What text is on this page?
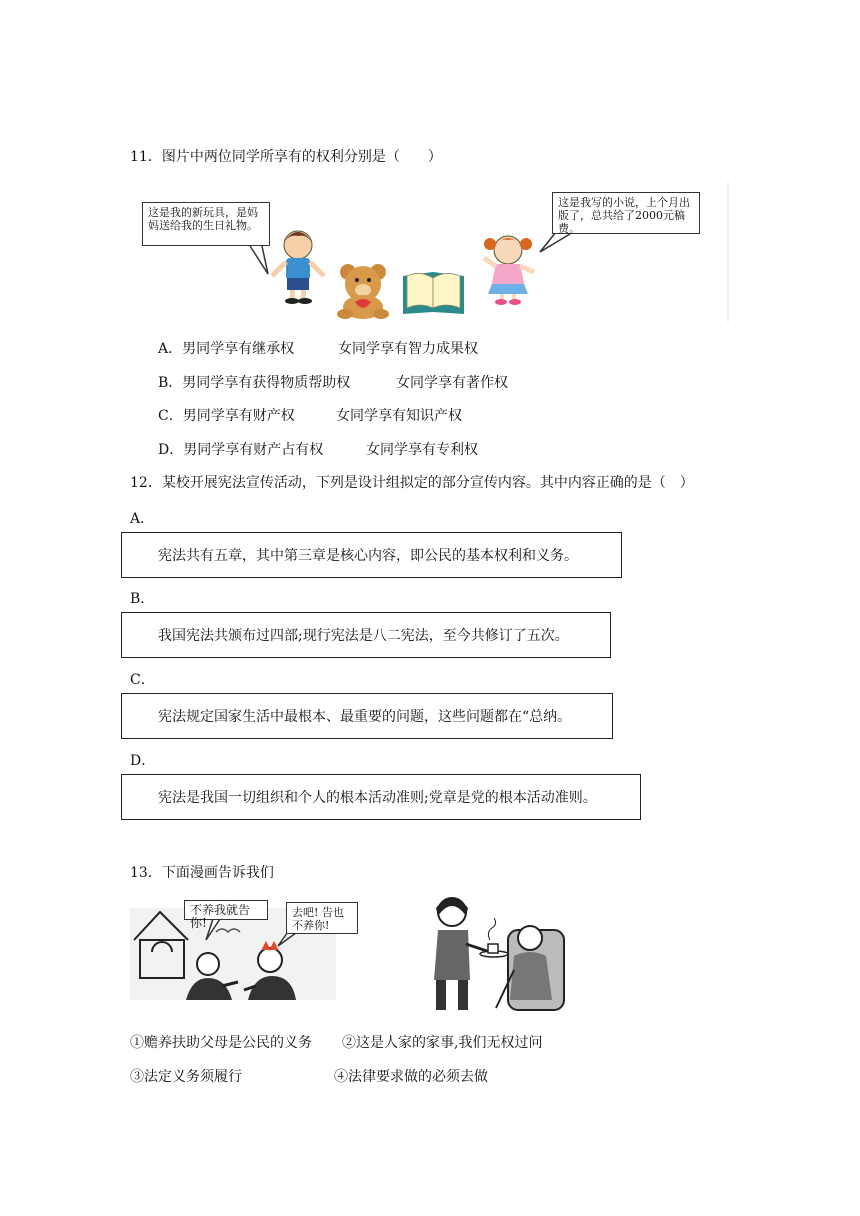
11．图片中两位同学所享有的权利分别是（　　）
这是我的新玩具，是妈妈送给我的生日礼物。
这是我写的小说，上个月出版了，总共给了2000元稿费。
A．男同学享有继承权	女同学享有智力成果权
B．男同学享有获得物质帮助权	女同学享有著作权
C．男同学享有财产权	女同学享有知识产权
D．男同学享有财产占有权	女同学享有专利权
12．某校开展宪法宣传活动，下列是设计组拟定的部分宣传内容。其中内容正确的是（　）
A．
宪法共有五章，其中第三章是核心内容，即公民的基本权利和义务。
B．
我国宪法共颁布过四部;现行宪法是八二宪法，至今共修订了五次。
C．
宪法规定国家生活中最根本、最重要的问题，这些问题都在“总纳。
D．
宪法是我国一切组织和个人的根本活动准则;党章是党的根本活动准则。
13．下面漫画告诉我们
不养我就告你!
去吧! 告也不养你!
①赡养扶助父母是公民的义务 ②这是人家的家事,我们无权过问
③法定义务须履行	④法律要求做的必须去做
